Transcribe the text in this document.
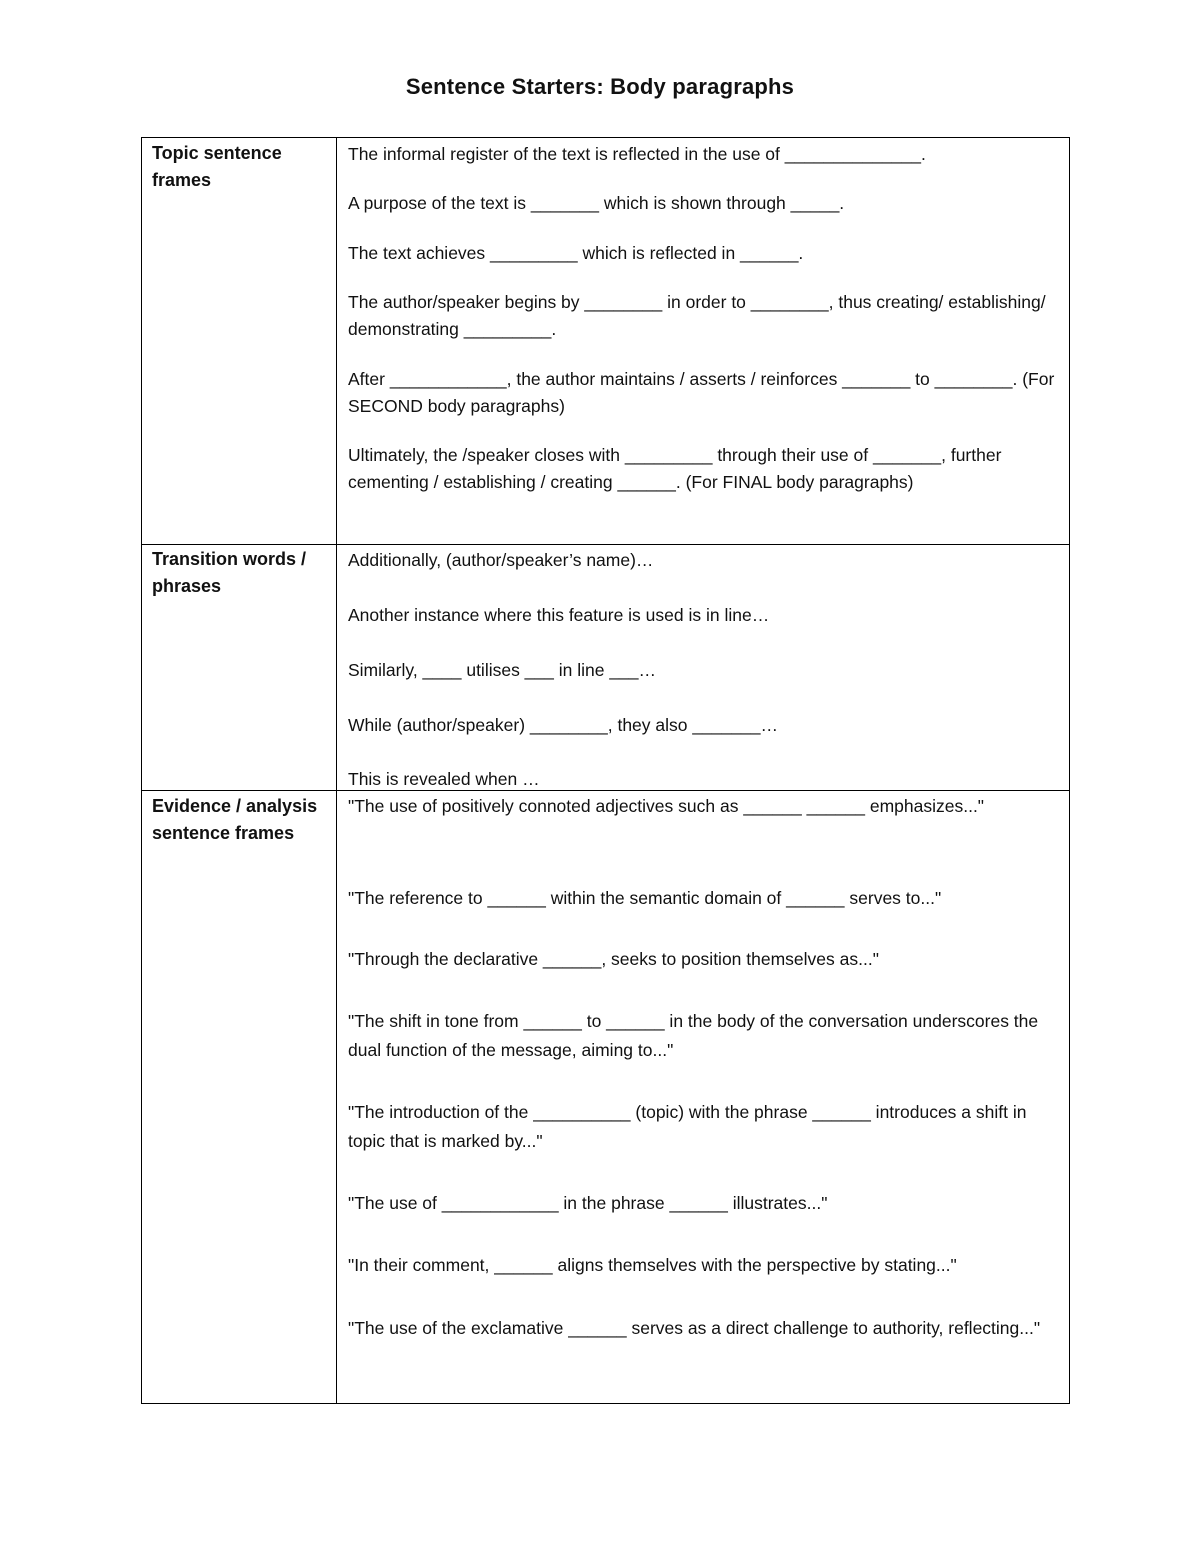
Sentence Starters: Body paragraphs
Topic sentence frames
The informal register of the text is reflected in the use of ______________.
A purpose of the text is _______ which is shown through _____.
The text achieves _________ which is reflected in ______.
The author/speaker begins by ________ in order to ________, thus creating/ establishing/ demonstrating _________.
After ____________, the author maintains / asserts / reinforces _______ to ________. (For SECOND body paragraphs)
Ultimately, the /speaker closes with _________ through their use of _______, further cementing / establishing / creating ______. (For FINAL body paragraphs)
Transition words / phrases
Additionally, (author/speaker’s name)…
Another instance where this feature is used is in line…
Similarly, ____ utilises ___ in line ___…
While (author/speaker) ________, they also _______…
This is revealed when …
Evidence / analysis sentence frames
"The use of positively connoted adjectives such as ______ ______ emphasizes..."
"The reference to ______ within the semantic domain of ______ serves to..."
"Through the declarative ______, seeks to position themselves as..."
"The shift in tone from ______ to ______ in the body of the conversation underscores the dual function of the message, aiming to..."
"The introduction of the __________ (topic) with the phrase ______ introduces a shift in topic that is marked by..."
"The use of ____________ in the phrase ______ illustrates..."
"In their comment, ______ aligns themselves with the perspective by stating..."
"The use of the exclamative ______ serves as a direct challenge to authority, reflecting..."
